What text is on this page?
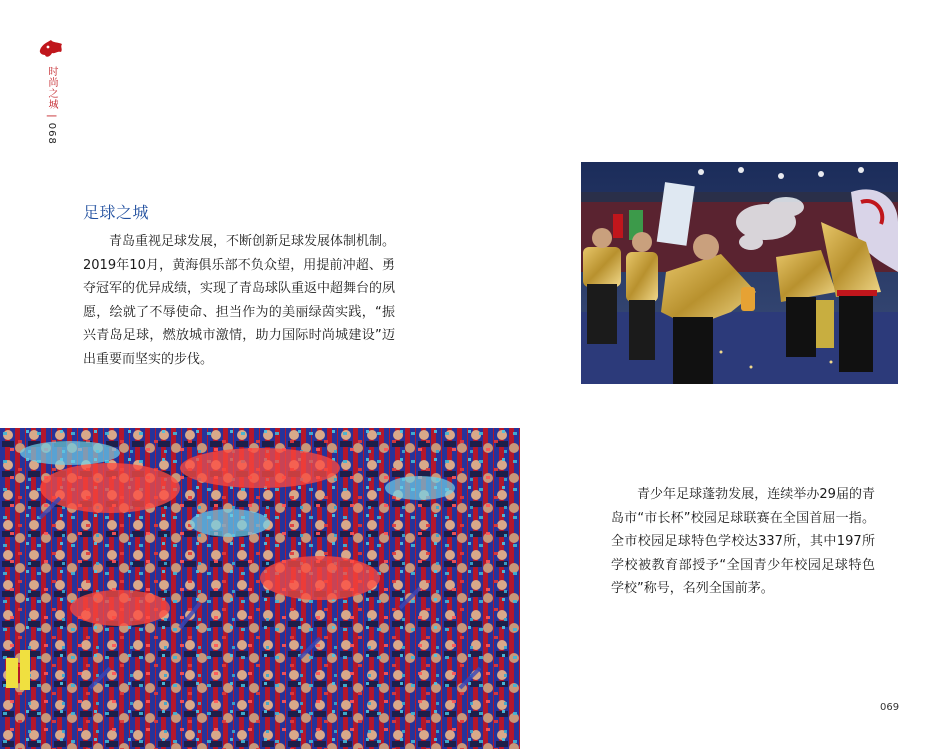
时尚之城 | 068
足球之城

青岛重视足球发展，不断创新足球发展体制机制。2019年10月，黄海俱乐部不负众望，用提前冲超、勇夺冠军的优异成绩，实现了青岛球队重返中超舞台的夙愿，绘就了不辱使命、担当作为的美丽绿茵实践，“振兴青岛足球，燃放城市激情，助力国际时尚城建设”迈出重要而坚实的步伐。

青少年足球蓬勃发展，连续举办29届的青岛市“市长杯”校园足球联赛在全国首屈一指。全市校园足球特色学校达337所，其中197所学校被教育部授予“全国青少年校园足球特色学校”称号，名列全国前茅。

069
